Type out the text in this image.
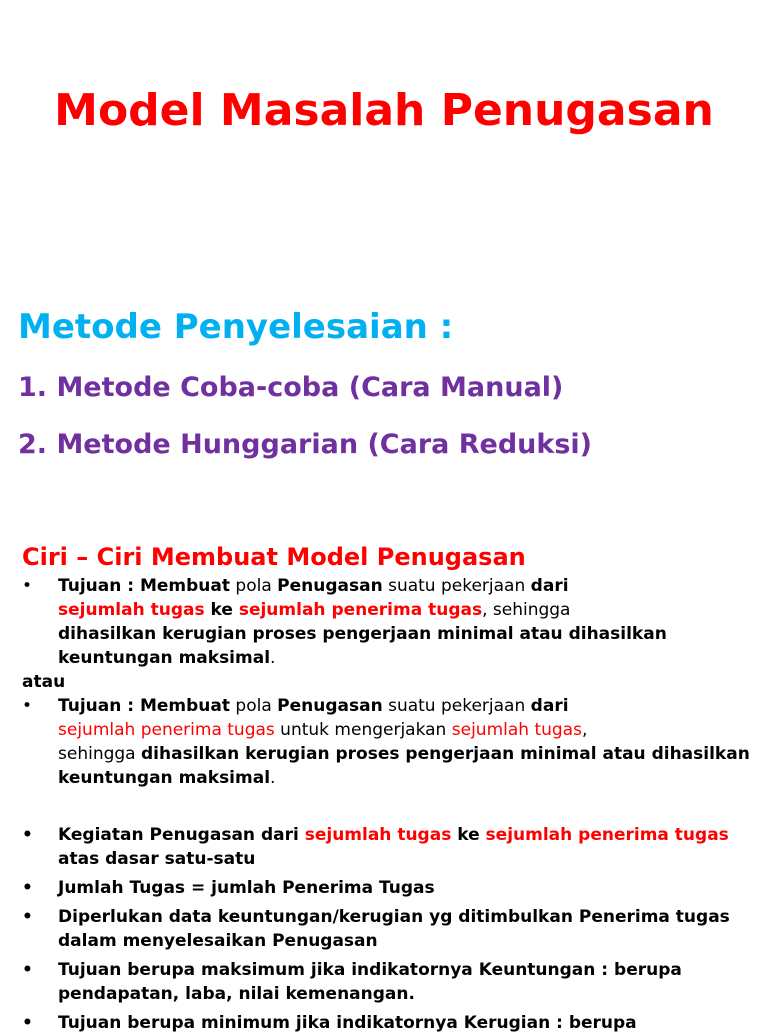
Model Masalah Penugasan
Metode Penyelesaian :
1. Metode Coba-coba (Cara Manual)
2. Metode Hunggarian (Cara Reduksi)
Ciri – Ciri Membuat Model Penugasan
• Tujuan : Membuat pola Penugasan suatu pekerjaan dari
sejumlah tugas ke sejumlah penerima tugas, sehingga
dihasilkan kerugian proses pengerjaan minimal atau dihasilkan keuntungan maksimal.
atau
• Tujuan : Membuat pola Penugasan suatu pekerjaan dari
sejumlah penerima tugas untuk mengerjakan sejumlah tugas,
sehingga dihasilkan kerugian proses pengerjaan minimal atau dihasilkan keuntungan maksimal.
• Kegiatan Penugasan dari sejumlah tugas ke sejumlah penerima tugas atas dasar satu-satu
• Jumlah Tugas = jumlah Penerima Tugas
• Diperlukan data keuntungan/kerugian yg ditimbulkan Penerima tugas dalam menyelesaikan Penugasan
• Tujuan berupa maksimum jika indikatornya Keuntungan : berupa pendapatan, laba, nilai kemenangan.
• Tujuan berupa minimum jika indikatornya Kerugian : berupa
